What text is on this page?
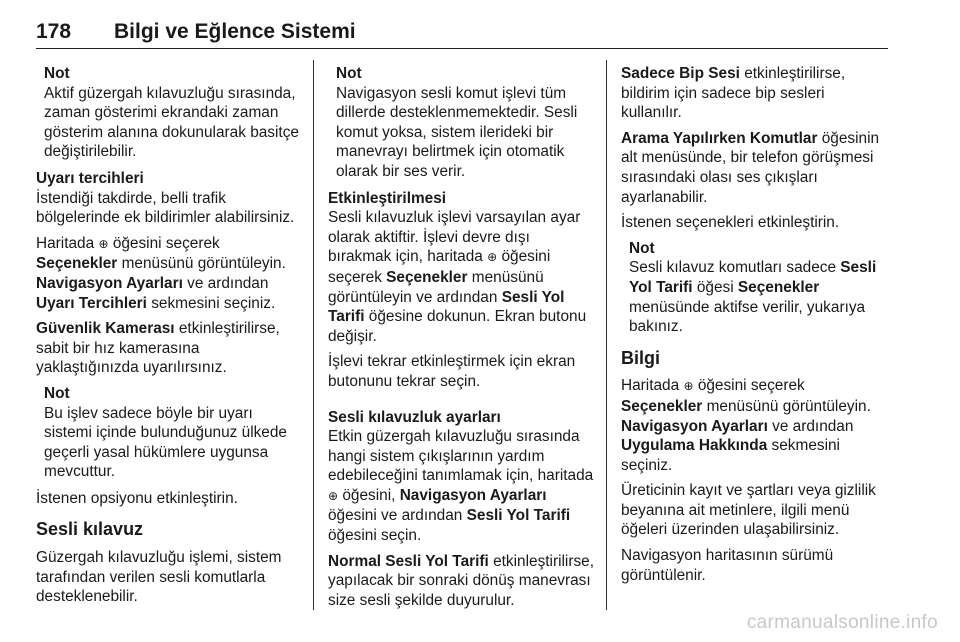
178 Bilgi ve Eğlence Sistemi
Not
Aktif güzergah kılavuzluğu sırasında, zaman gösterimi ekrandaki zaman gösterim alanına dokunularak basitçe değiştirilebilir.

Uyarı tercihleri
İstendiği takdirde, belli trafik bölgelerinde ek bildirimler alabilirsiniz.

Haritada ⊕ öğesini seçerek Seçenekler menüsünü görüntüleyin. Navigasyon Ayarları ve ardından Uyarı Tercihleri sekmesini seçiniz.

Güvenlik Kamerası etkinleştirilirse, sabit bir hız kamerasına yaklaştığınızda uyarılırsınız.

Not
Bu işlev sadece böyle bir uyarı sistemi içinde bulunduğunuz ülkede geçerli yasal hükümlere uygunsa mevcuttur.

İstenen opsiyonu etkinleştirin.

Sesli kılavuz

Güzergah kılavuzluğu işlemi, sistem tarafından verilen sesli komutlarla desteklenebilir.

Not
Navigasyon sesli komut işlevi tüm dillerde desteklenmemektedir. Sesli komut yoksa, sistem ilerideki bir manevrayı belirtmek için otomatik olarak bir ses verir.

Etkinleştirilmesi
Sesli kılavuzluk işlevi varsayılan ayar olarak aktiftir. İşlevi devre dışı bırakmak için, haritada ⊕ öğesini seçerek Seçenekler menüsünü görüntüleyin ve ardından Sesli Yol Tarifi öğesine dokunun. Ekran butonu değişir.

İşlevi tekrar etkinleştirmek için ekran butonunu tekrar seçin.

Sesli kılavuzluk ayarları
Etkin güzergah kılavuzluğu sırasında hangi sistem çıkışlarının yardım edebileceğini tanımlamak için, haritada ⊕ öğesini, Navigasyon Ayarları öğesini ve ardından Sesli Yol Tarifi öğesini seçin.

Normal Sesli Yol Tarifi etkinleştirilirse, yapılacak bir sonraki dönüş manevrası size sesli şekilde duyurulur.

Sadece Bip Sesi etkinleştirilirse, bildirim için sadece bip sesleri kullanılır.

Arama Yapılırken Komutlar öğesinin alt menüsünde, bir telefon görüşmesi sırasındaki olası ses çıkışları ayarlanabilir.

İstenen seçenekleri etkinleştirin.

Not
Sesli kılavuz komutları sadece Sesli Yol Tarifi öğesi Seçenekler menüsünde aktifse verilir, yukarıya bakınız.
Bilgi

Haritada ⊕ öğesini seçerek Seçenekler menüsünü görüntüleyin. Navigasyon Ayarları ve ardından Uygulama Hakkında sekmesini seçiniz.

Üreticinin kayıt ve şartları veya gizlilik beyanına ait metinlere, ilgili menü öğeleri üzerinden ulaşabilirsiniz.

Navigasyon haritasının sürümü görüntülenir.

carmanualsonline.info
